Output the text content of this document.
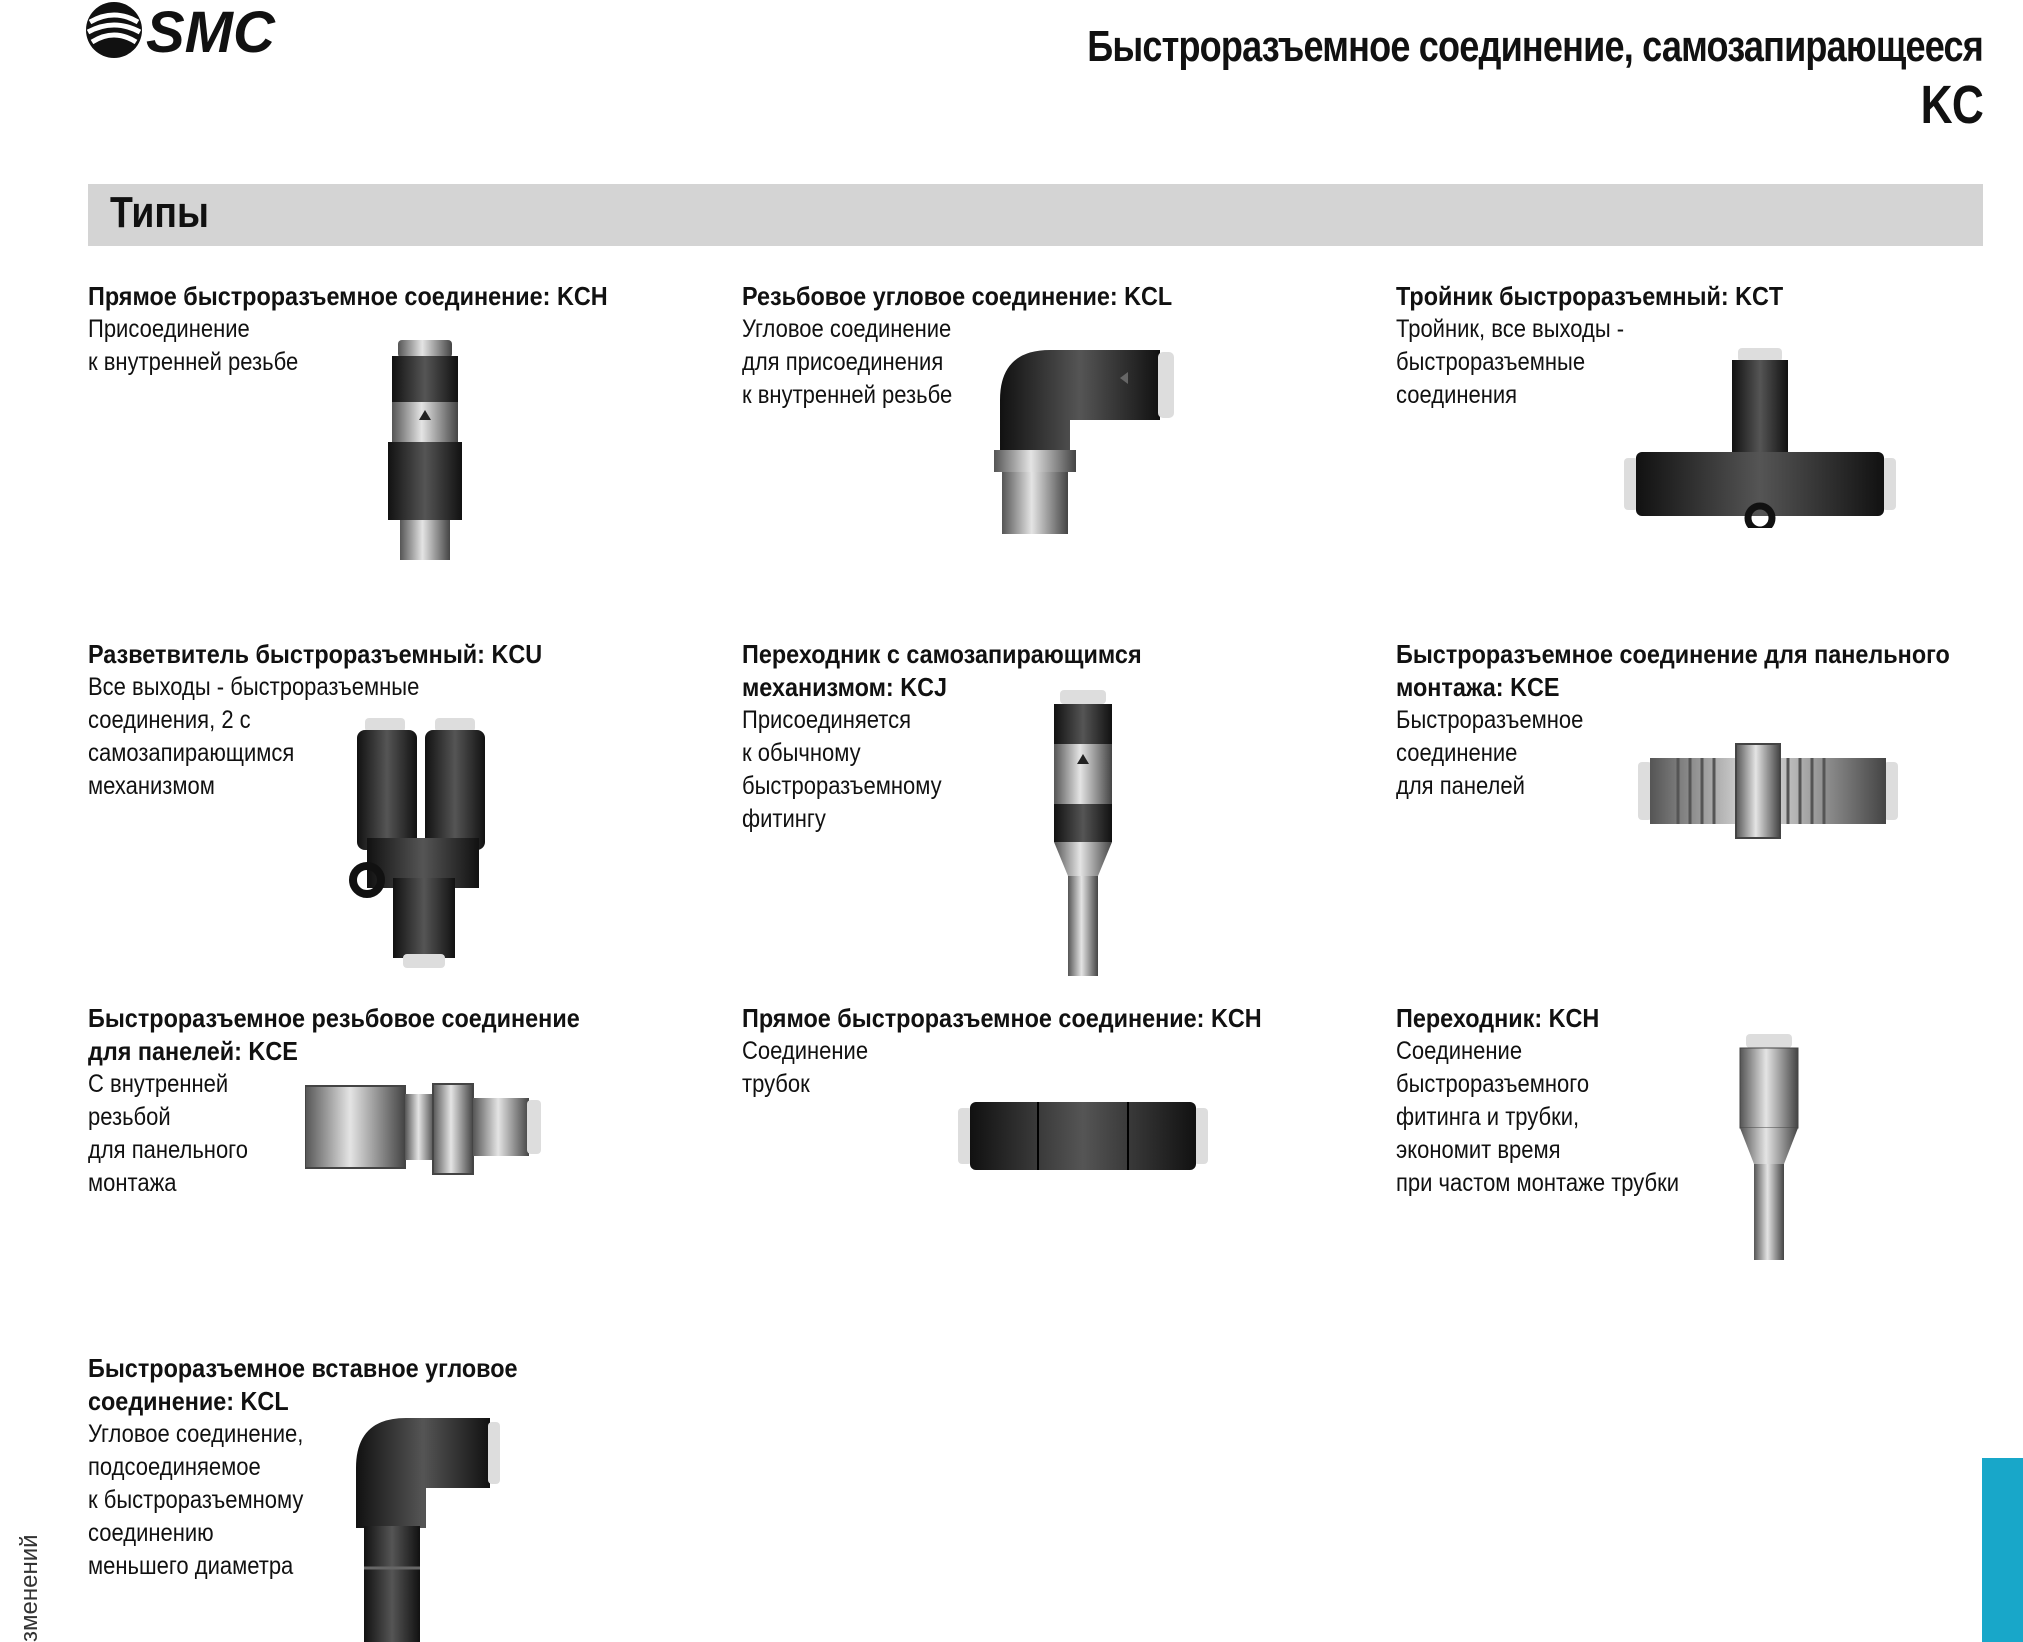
SMC	Быстроразъемное соединение, самозапирающееся
KC
Типы
Прямое быстроразъемное соединение: KCH
Присоединение
к внутренней резьбе
Резьбовое угловое соединение: KCL
Угловое соединение
для присоединения
к внутренней резьбе
Тройник быстроразъемный: KCT
Тройник, все выходы -
быстроразъемные
соединения
Разветвитель быстроразъемный: KCU
Все выходы - быстроразъемные
соединения, 2 с
самозапирающимся
механизмом
Переходник с самозапирающимся
механизмом: KCJ
Присоединяется
к обычному
быстроразъемному
фитингу
Быстроразъемное соединение для панельного
монтажа: KCE
Быстроразъемное
соединение
для панелей
Быстроразъемное резьбовое соединение
для панелей: KCE
С внутренней
резьбой
для панельного
монтажа
Прямое быстроразъемное соединение: KCH
Соединение
трубок
Переходник: KCH
Соединение
быстроразъемного
фитинга и трубки,
экономит время
при частом монтаже трубки
Быстроразъемное вставное угловое
соединение: KCL
Угловое соединение,
подсоединяемое
к быстроразъемному
соединению
меньшего диаметра
зменений
